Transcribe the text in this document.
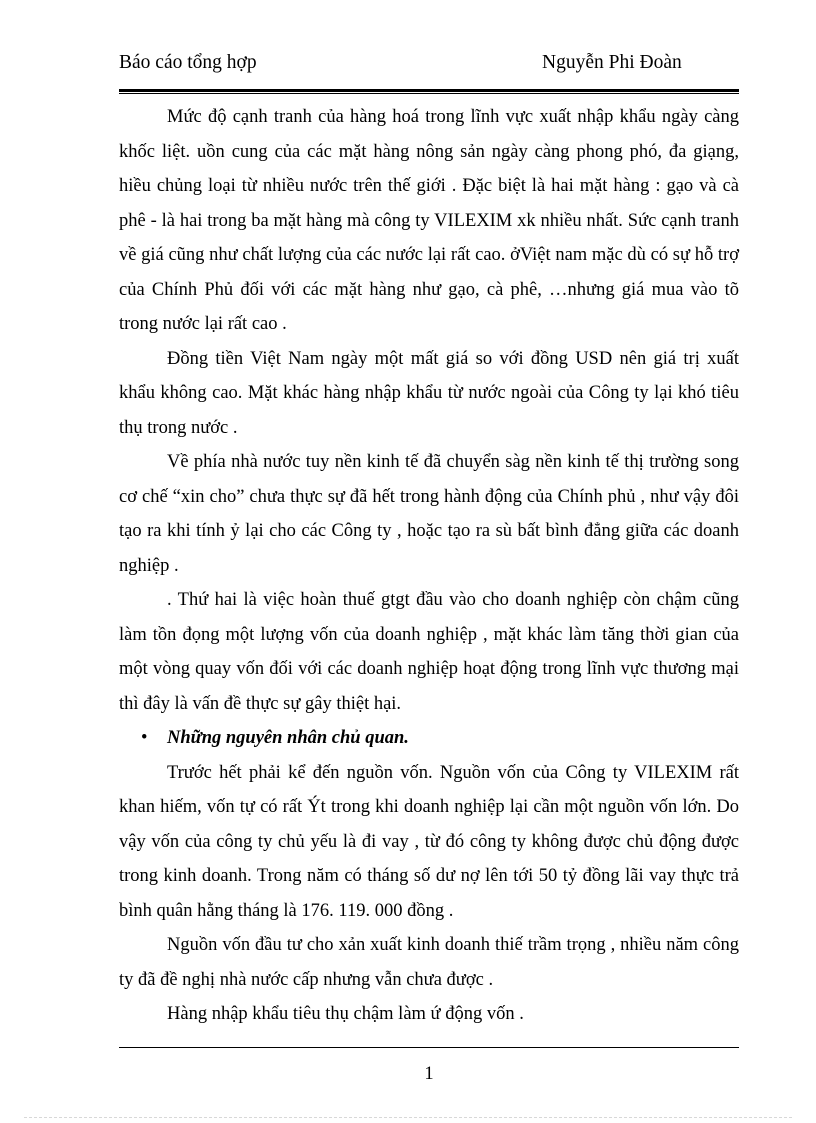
Báo cáo tổng hợp	Nguyễn Phi Đoàn

Mức độ cạnh tranh của hàng hoá trong lĩnh vực xuất nhập khẩu ngày càng khốc liệt. uồn cung của các mặt hàng nông sản ngày càng phong phó, đa giạng, hiều chủng loại từ nhiều nước trên thế giới . Đặc biệt là hai mặt hàng : gạo và cà phê - là hai trong ba mặt hàng mà công ty VILEXIM xk nhiều nhất. Sức cạnh tranh về giá cũng như chất lượng của các nước lại rất cao. ởViệt nam mặc dù có sự hỗ trợ của Chính Phủ đối với các mặt hàng như gạo, cà phê, …nhưng giá mua vào tõ trong nước lại rất cao .

Đồng tiền Việt Nam ngày một mất giá so với đồng USD nên giá trị xuất khẩu không cao. Mặt khác hàng nhập khẩu từ nước ngoài của Công ty lại khó tiêu thụ trong nước .

Về phía nhà nước tuy nền kinh tế đã chuyển sàg nền kinh tế thị trường song cơ chế “xin cho” chưa thực sự đã hết trong hành động của Chính phủ , như vậy đôi tạo ra khi tính ỷ lại cho các Công ty , hoặc tạo ra sù bất bình đẳng giữa các doanh nghiệp .

. Thứ hai là việc hoàn thuế gtgt đầu vào cho doanh nghiệp còn chậm cũng làm tồn đọng một lượng vốn của doanh nghiệp , mặt khác làm tăng thời gian của một vòng quay vốn đối với các doanh nghiệp hoạt động trong lĩnh vực thương mại thì đây là vấn đề thực sự gây thiệt hại.

• Những nguyên nhân chủ quan.

Trước hết phải kể đến nguồn vốn. Nguồn vốn của Công ty VILEXIM rất khan hiếm, vốn tự có rất Ýt trong khi doanh nghiệp lại cần một nguồn vốn lớn. Do vậy vốn của công ty chủ yếu là đi vay , từ đó công ty không được chủ động được trong kinh doanh. Trong năm có tháng số dư nợ lên tới 50 tỷ đồng lãi vay thực trả bình quân hằng tháng là 176. 119. 000 đồng .

Nguồn vốn đầu tư cho xản xuất kinh doanh thiế trầm trọng , nhiều năm công ty đã đề nghị nhà nước cấp nhưng vẫn chưa được .

Hàng nhập khẩu tiêu thụ chậm làm ứ động vốn .

1
